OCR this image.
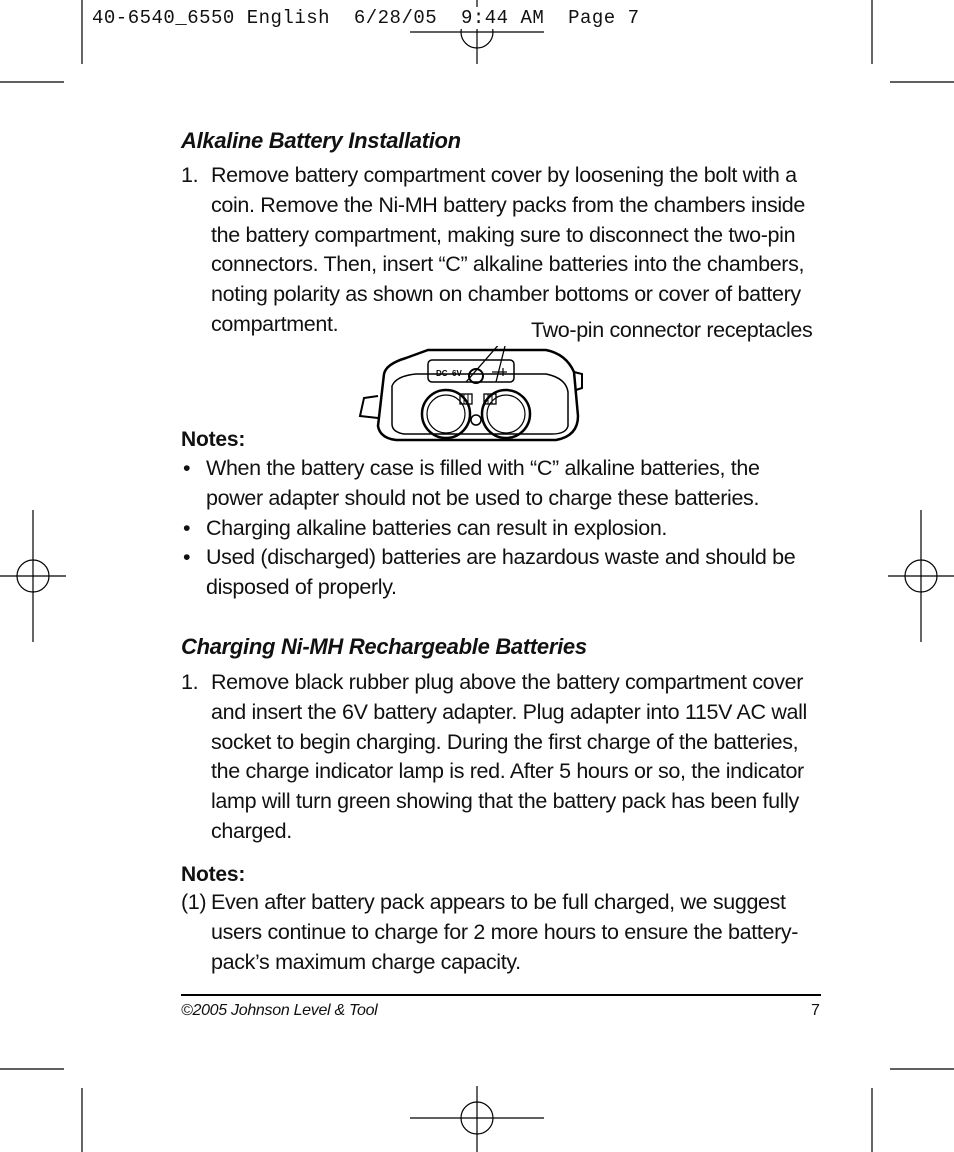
40-6540_6550 English  6/28/05  9:44 AM  Page 7
Alkaline Battery Installation
1. Remove battery compartment cover by loosening the bolt with a coin. Remove the Ni-MH battery packs from the chambers inside the battery compartment, making sure to disconnect the two-pin connectors. Then, insert “C” alkaline batteries into the chambers, noting polarity as shown on chamber bottoms or cover of battery compartment.
Notes:
• When the battery case is filled with “C” alkaline batteries, the power adapter should not be used to charge these batteries.
• Charging alkaline batteries can result in explosion.
• Used (discharged) batteries are hazardous waste and should be disposed of properly.
Charging Ni-MH Rechargeable Batteries
1. Remove black rubber plug above the battery compartment cover and insert the 6V battery adapter. Plug adapter into 115V AC wall socket to begin charging. During the first charge of the batteries, the charge indicator lamp is red. After 5 hours or so, the indicator lamp will turn green showing that the battery pack has been fully charged.
Notes:
(1) Even after battery pack appears to be full charged, we suggest users continue to charge for 2 more hours to ensure the battery-pack’s maximum charge capacity.
Two-pin connector receptacles
DC 6V
©2005 Johnson Level & Tool	7
